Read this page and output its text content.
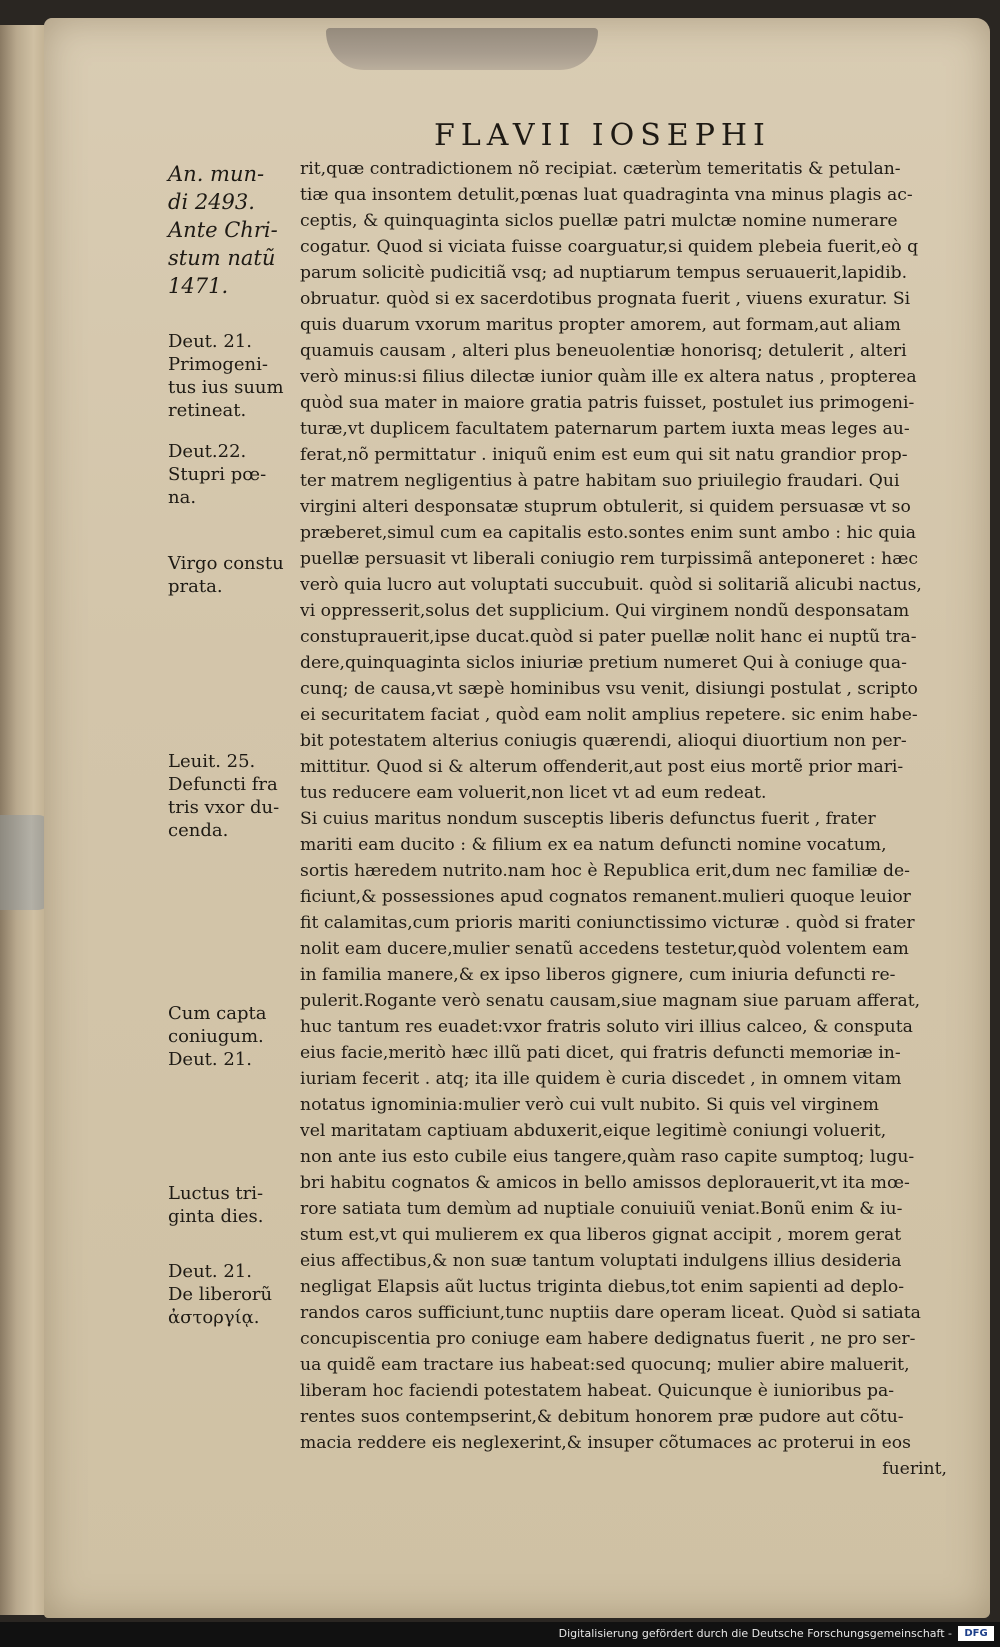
FLAVII IOSEPHI
An. mun-
di 2493.
Ante Chri-
stum natũ
1471.
Deut. 21.
Primogeni-
tus ius suum
retineat.
Deut.22.
Stupri pœ-
na.
Virgo constu
prata.
Leuit. 25.
Defuncti fra
tris vxor du-
cenda.
Cum capta
coniugum.
Deut. 21.
Luctus tri-
ginta dies.
Deut. 21.
De liberorũ
ἀστοργίᾳ.
rit,quæ contradictionem nõ recipiat. cæterùm temeritatis & petulan-
tiæ qua insontem detulit,pœnas luat quadraginta vna minus plagis ac-
ceptis, & quinquaginta siclos puellæ patri mulctæ nomine numerare
cogatur. Quod si viciata fuisse coarguatur,si quidem plebeia fuerit,eò q
parum solicitè pudicitiã vsq; ad nuptiarum tempus seruauerit,lapidib.
obruatur. quòd si ex sacerdotibus prognata fuerit , viuens exuratur. Si
quis duarum vxorum maritus propter amorem, aut formam,aut aliam
quamuis causam , alteri plus beneuolentiæ honorisq; detulerit , alteri
verò minus:si filius dilectæ iunior quàm ille ex altera natus , propterea
quòd sua mater in maiore gratia patris fuisset, postulet ius primogeni-
turæ,vt duplicem facultatem paternarum partem iuxta meas leges au-
ferat,nõ permittatur . iniquũ enim est eum qui sit natu grandior prop-
ter matrem negligentius à patre habitam suo priuilegio fraudari. Qui
virgini alteri desponsatæ stuprum obtulerit, si quidem persuasæ vt so
præberet,simul cum ea capitalis esto.sontes enim sunt ambo : hic quia
puellæ persuasit vt liberali coniugio rem turpissimã anteponeret : hæc
verò quia lucro aut voluptati succubuit. quòd si solitariã alicubi nactus,
vi oppresserit,solus det supplicium. Qui virginem nondũ desponsatam
constuprauerit,ipse ducat.quòd si pater puellæ nolit hanc ei nuptũ tra-
dere,quinquaginta siclos iniuriæ pretium numeret Qui à coniuge qua-
cunq; de causa,vt sæpè hominibus vsu venit, disiungi postulat , scripto
ei securitatem faciat , quòd eam nolit amplius repetere. sic enim habe-
bit potestatem alterius coniugis quærendi, alioqui diuortium non per-
mittitur. Quod si & alterum offenderit,aut post eius mortẽ prior mari-
tus reducere eam voluerit,non licet vt ad eum redeat.
Si cuius maritus nondum susceptis liberis defunctus fuerit , frater
mariti eam ducito : & filium ex ea natum defuncti nomine vocatum,
sortis hæredem nutrito.nam hoc è Republica erit,dum nec familiæ de-
ficiunt,& possessiones apud cognatos remanent.mulieri quoque leuior
fit calamitas,cum prioris mariti coniunctissimo victuræ . quòd si frater
nolit eam ducere,mulier senatũ accedens testetur,quòd volentem eam
in familia manere,& ex ipso liberos gignere, cum iniuria defuncti re-
pulerit.Rogante verò senatu causam,siue magnam siue paruam afferat,
huc tantum res euadet:vxor fratris soluto viri illius calceo, & consputa
eius facie,meritò hæc illũ pati dicet, qui fratris defuncti memoriæ in-
iuriam fecerit . atq; ita ille quidem è curia discedet , in omnem vitam
notatus ignominia:mulier verò cui vult nubito. Si quis vel virginem
vel maritatam captiuam abduxerit,eique legitimè coniungi voluerit,
non ante ius esto cubile eius tangere,quàm raso capite sumptoq; lugu-
bri habitu cognatos & amicos in bello amissos deplorauerit,vt ita mœ-
rore satiata tum demùm ad nuptiale conuiuiũ veniat.Bonũ enim & iu-
stum est,vt qui mulierem ex qua liberos gignat accipit , morem gerat
eius affectibus,& non suæ tantum voluptati indulgens illius desideria
negligat Elapsis aũt luctus triginta diebus,tot enim sapienti ad deplo-
randos caros sufficiunt,tunc nuptiis dare operam liceat. Quòd si satiata
concupiscentia pro coniuge eam habere dedignatus fuerit , ne pro ser-
ua quidẽ eam tractare ius habeat:sed quocunq; mulier abire maluerit,
liberam hoc faciendi potestatem habeat. Quicunque è iunioribus pa-
rentes suos contempserint,& debitum honorem præ pudore aut cõtu-
macia reddere eis neglexerint,& insuper cõtumaces ac proterui in eos
fuerint,
Digitalisierung gefördert durch die Deutsche Forschungsgemeinschaft -	DFG
